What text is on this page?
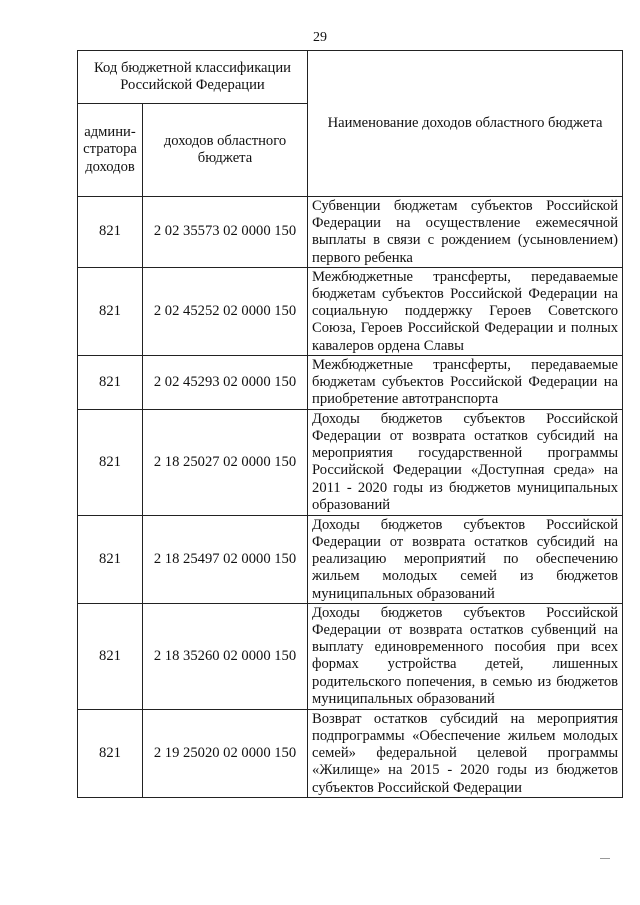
29
Код бюджетной классификации Российской Федерации		Наименование доходов областного бюджета
админи-стратора доходов	доходов областного бюджета	
821	2 02 35573 02 0000 150	Субвенции бюджетам субъектов Российской Федерации на осуществление ежемесячной выплаты в связи с рождением (усыновлением) первого ребенка
821	2 02 45252 02 0000 150	Межбюджетные трансферты, передаваемые бюджетам субъектов Российской Федерации на социальную поддержку Героев Советского Союза, Героев Российской Федерации и полных кавалеров ордена Славы
821	2 02 45293 02 0000 150	Межбюджетные трансферты, передаваемые бюджетам субъектов Российской Федерации на приобретение автотранспорта
821	2 18 25027 02 0000 150	Доходы бюджетов субъектов Российской Федерации от возврата остатков субсидий на мероприятия государственной программы Российской Федерации «Доступная среда» на 2011 - 2020 годы из бюджетов муниципальных образований
821	2 18 25497 02 0000 150	Доходы бюджетов субъектов Российской Федерации от возврата остатков субсидий на реализацию мероприятий по обеспечению жильем молодых семей из бюджетов муниципальных образований
821	2 18 35260 02 0000 150	Доходы бюджетов субъектов Российской Федерации от возврата остатков субвенций на выплату единовременного пособия при всех формах устройства детей, лишенных родительского попечения, в семью из бюджетов муниципальных образований
821	2 19 25020 02 0000 150	Возврат остатков субсидий на мероприятия подпрограммы «Обеспечение жильем молодых семей» федеральной целевой программы «Жилище» на 2015 - 2020 годы из бюджетов субъектов Российской Федерации
